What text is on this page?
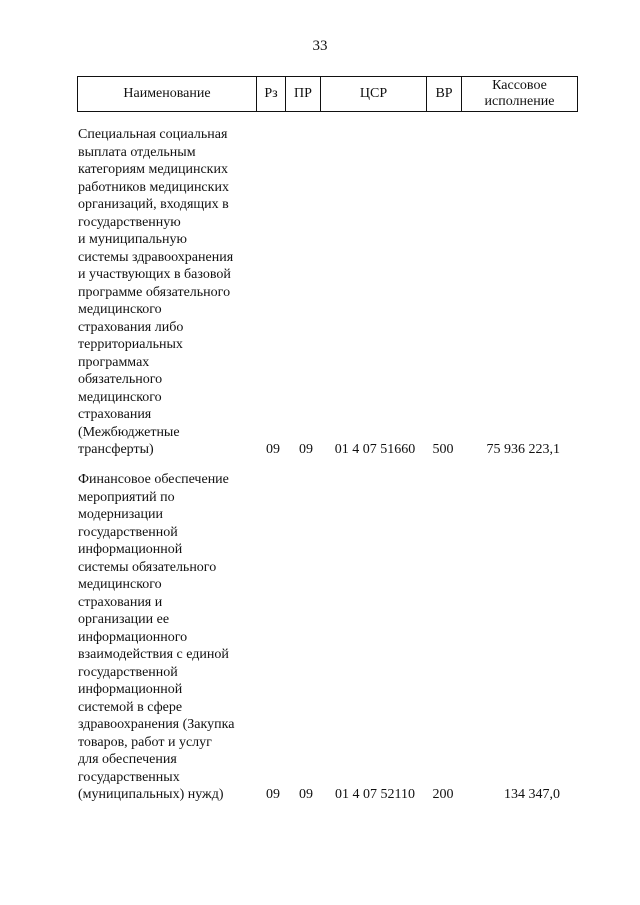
33
Наименование	Рз	ПР	ЦСР	ВР	Кассовое
исполнение
Специальная социальная
выплата отдельным
категориям медицинских
работников медицинских
организаций, входящих в
государственную
и муниципальную
системы здравоохранения
и участвующих в базовой
программе обязательного
медицинского
страхования либо
территориальных
программах
обязательного
медицинского
страхования
(Межбюджетные
трансферты)	09	09	01 4 07 51660	500	75 936 223,1
Финансовое обеспечение
мероприятий по
модернизации
государственной
информационной
системы обязательного
медицинского
страхования и
организации ее
информационного
взаимодействия с единой
государственной
информационной
системой в сфере
здравоохранения (Закупка
товаров, работ и услуг
для обеспечения
государственных
(муниципальных) нужд)	09	09	01 4 07 52110	200	134 347,0
